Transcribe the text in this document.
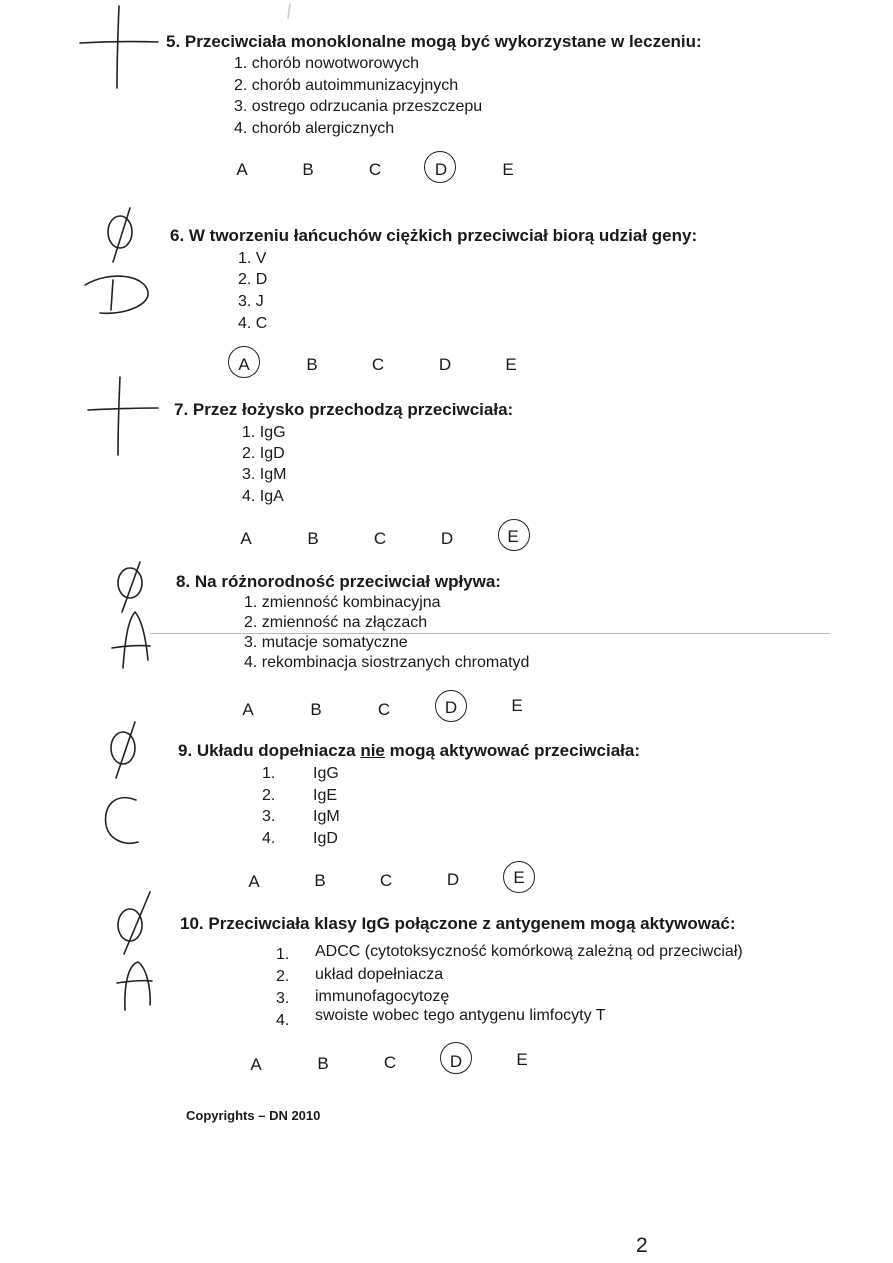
5. Przeciwciała monoklonalne mogą być wykorzystane w leczeniu:
1. chorób nowotworowych
2. chorób autoimmunizacyjnych
3. ostrego odrzucania przeszczepu
4. chorób alergicznych
A	B	C	D	E
6. W tworzeniu łańcuchów ciężkich przeciwciał biorą udział geny:
1. V
2. D
3. J
4. C
A	B	C	D	E
7. Przez łożysko przechodzą przeciwciała:
1. IgG
2. IgD
3. IgM
4. IgA
A	B	C	D	E
8. Na różnorodność przeciwciał wpływa:
1. zmienność kombinacyjna
2. zmienność na złączach
3. mutacje somatyczne
4. rekombinacja siostrzanych chromatyd
A	B	C	D	E
9. Układu dopełniacza nie mogą aktywować przeciwciała:
1. IgG
2. IgE
3. IgM
4. IgD
A	B	C	D	E
10. Przeciwciała klasy IgG połączone z antygenem mogą aktywować:
1. ADCC (cytotoksyczność komórkową zależną od przeciwciał)
2. układ dopełniacza
3. immunofagocytozę
4. swoiste wobec tego antygenu limfocyty T
A	B	C	D	E
Copyrights – DN 2010
2
